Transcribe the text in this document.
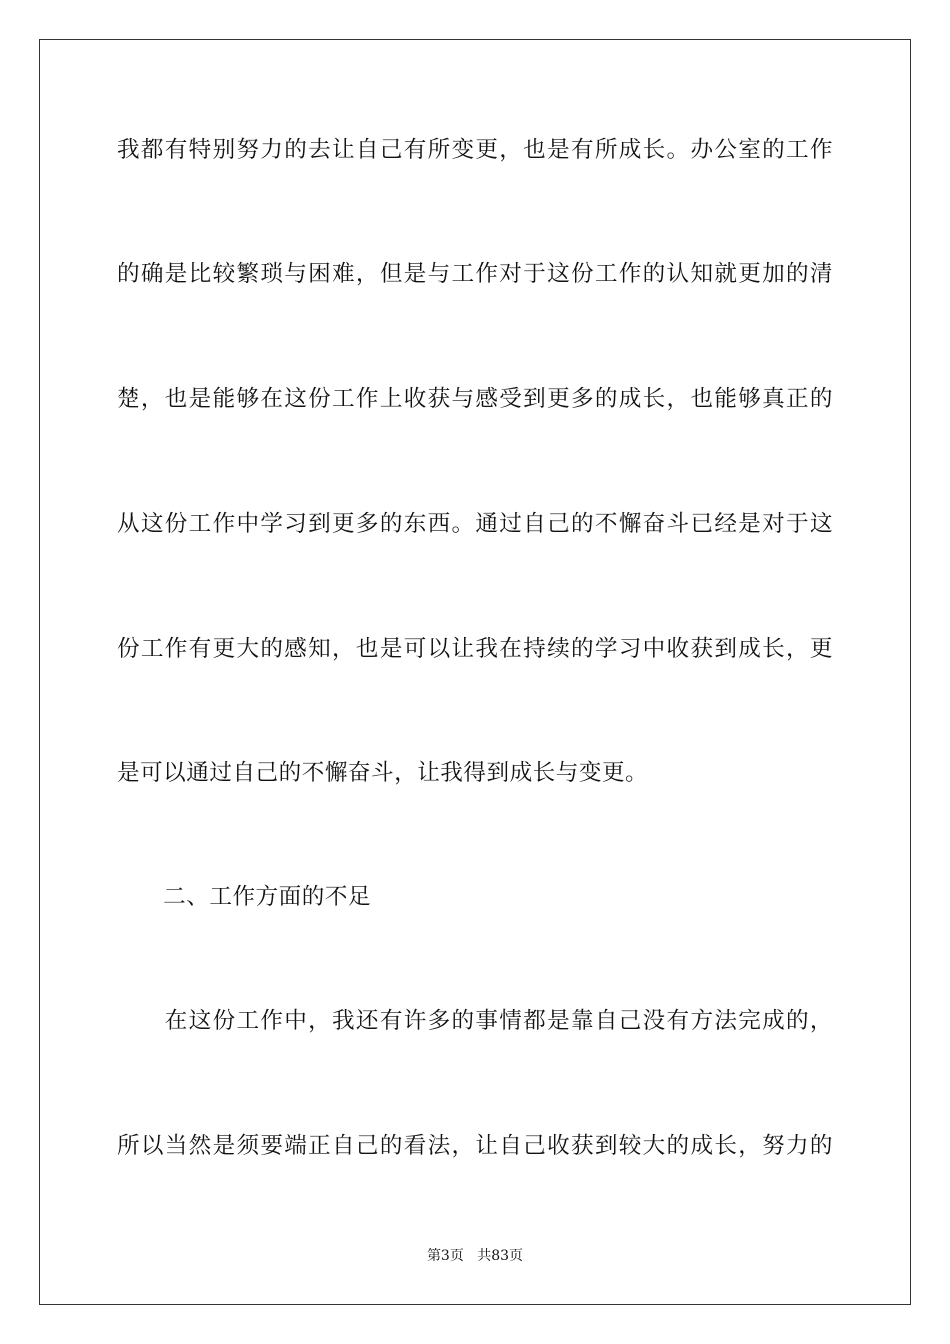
我都有特别努力的去让自己有所变更，也是有所成长。办公室的工作
的确是比较繁琐与困难，但是与工作对于这份工作的认知就更加的清
楚，也是能够在这份工作上收获与感受到更多的成长，也能够真正的
从这份工作中学习到更多的东西。通过自己的不懈奋斗已经是对于这
份工作有更大的感知，也是可以让我在持续的学习中收获到成长，更
是可以通过自己的不懈奋斗，让我得到成长与变更。
　　二、工作方面的不足
　　在这份工作中，我还有许多的事情都是靠自己没有方法完成的，
所以当然是须要端正自己的看法，让自己收获到较大的成长，努力的
第3页 共83页
